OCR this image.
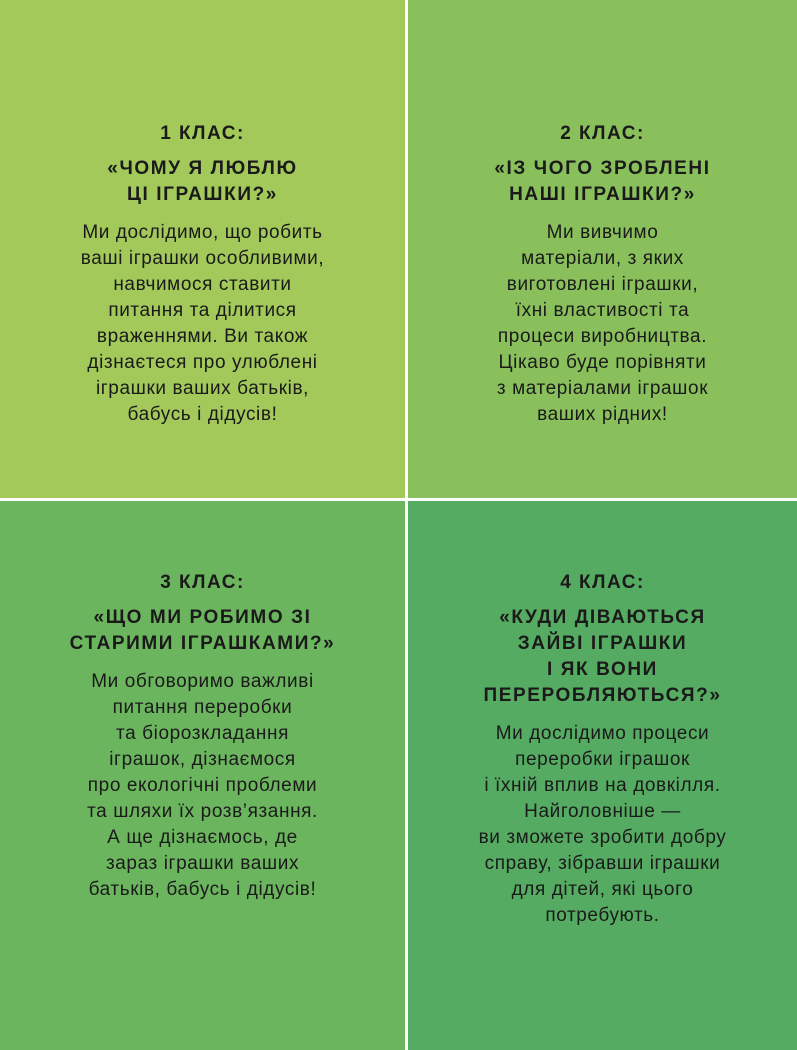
1 КЛАС:
«ЧОМУ Я ЛЮБЛЮ
ЦІ ІГРАШКИ?»
Ми дослідимо, що робить
ваші іграшки особливими,
навчимося ставити
питання та ділитися
враженнями. Ви також
дізнаєтеся про улюблені
іграшки ваших батьків,
бабусь і дідусів!
2 КЛАС:
«ІЗ ЧОГО ЗРОБЛЕНІ
НАШІ ІГРАШКИ?»
Ми вивчимо
матеріали, з яких
виготовлені іграшки,
їхні властивості та
процеси виробництва.
Цікаво буде порівняти
з матеріалами іграшок
ваших рідних!
3 КЛАС:
«ЩО МИ РОБИМО ЗІ
СТАРИМИ ІГРАШКАМИ?»
Ми обговоримо важливі
питання переробки
та біорозкладання
іграшок, дізнаємося
про екологічні проблеми
та шляхи їх розв’язання.
А ще дізнаємось, де
зараз іграшки ваших
батьків, бабусь і дідусів!
4 КЛАС:
«КУДИ ДІВАЮТЬСЯ
ЗАЙВІ ІГРАШКИ
І ЯК ВОНИ
ПЕРЕРОБЛЯЮТЬСЯ?»
Ми дослідимо процеси
переробки іграшок
і їхній вплив на довкілля.
Найголовніше —
ви зможете зробити добру
справу, зібравши іграшки
для дітей, які цього
потребують.
